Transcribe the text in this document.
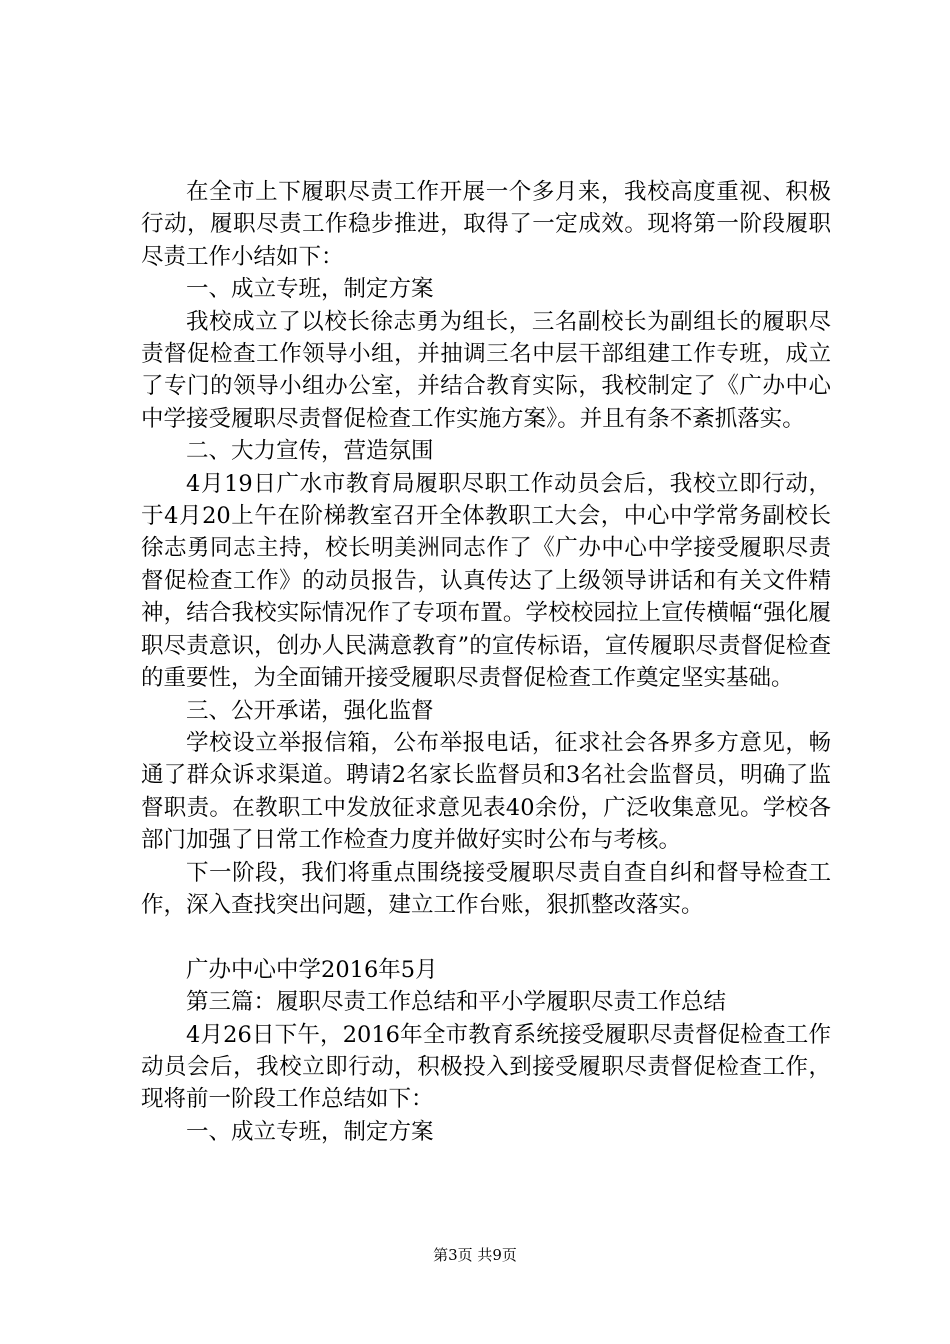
在全市上下履职尽责工作开展一个多月来，我校高度重视、积极行动，履职尽责工作稳步推进，取得了一定成效。现将第一阶段履职尽责工作小结如下：

一、成立专班，制定方案

我校成立了以校长徐志勇为组长，三名副校长为副组长的履职尽责督促检查工作领导小组，并抽调三名中层干部组建工作专班，成立了专门的领导小组办公室，并结合教育实际，我校制定了《广办中心中学接受履职尽责督促检查工作实施方案》。并且有条不紊抓落实。

二、大力宣传，营造氛围

4月19日广水市教育局履职尽职工作动员会后，我校立即行动，于4月20上午在阶梯教室召开全体教职工大会，中心中学常务副校长徐志勇同志主持，校长明美洲同志作了《广办中心中学接受履职尽责督促检查工作》的动员报告，认真传达了上级领导讲话和有关文件精神，结合我校实际情况作了专项布置。学校校园拉上宣传横幅“强化履职尽责意识，创办人民满意教育”的宣传标语，宣传履职尽责督促检查的重要性，为全面铺开接受履职尽责督促检查工作奠定坚实基础。

三、公开承诺，强化监督

学校设立举报信箱，公布举报电话，征求社会各界多方意见，畅通了群众诉求渠道。聘请2名家长监督员和3名社会监督员，明确了监督职责。在教职工中发放征求意见表40余份，广泛收集意见。学校各部门加强了日常工作检查力度并做好实时公布与考核。

下一阶段，我们将重点围绕接受履职尽责自查自纠和督导检查工作，深入查找突出问题，建立工作台账，狠抓整改落实。

广办中心中学2016年5月

第三篇：履职尽责工作总结和平小学履职尽责工作总结

4月26日下午，2016年全市教育系统接受履职尽责督促检查工作动员会后，我校立即行动，积极投入到接受履职尽责督促检查工作，现将前一阶段工作总结如下：

一、成立专班，制定方案

第3页 共9页
